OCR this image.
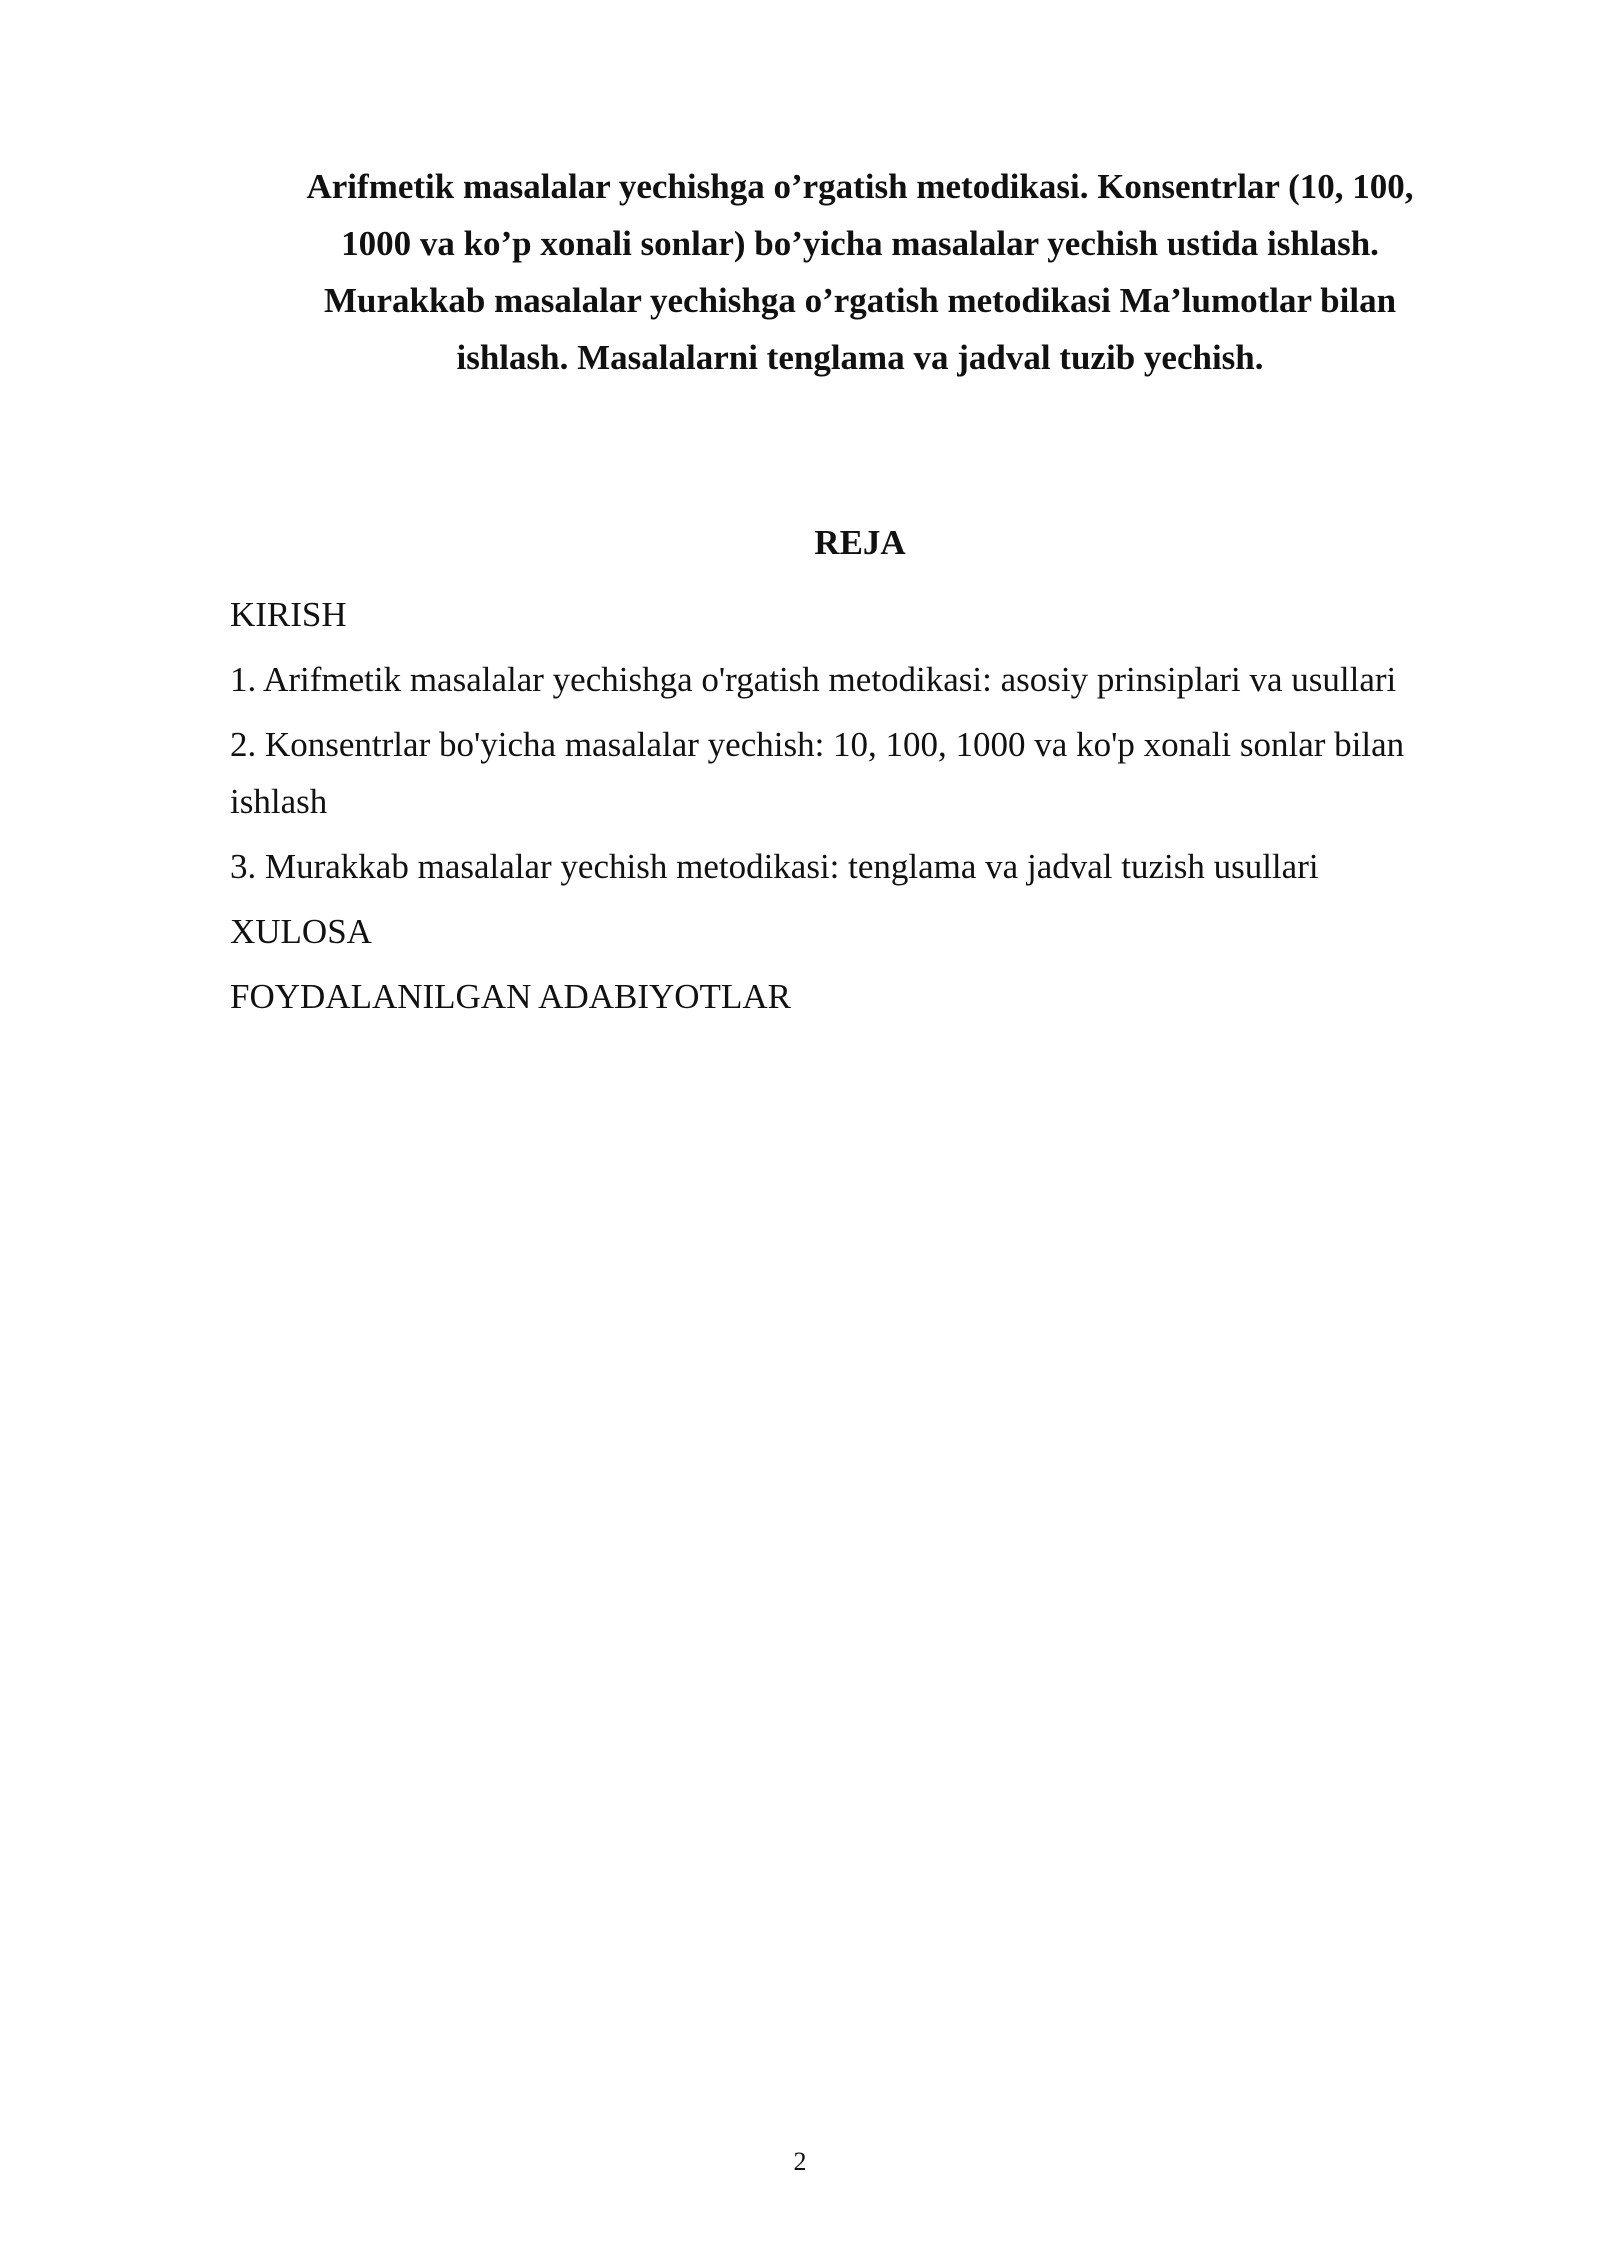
Arifmetik masalalar yechishga o’rgatish metodikasi. Konsentrlar (10, 100,
1000 va ko’p xonali sonlar) bo’yicha masalalar yechish ustida ishlash.
Murakkab masalalar yechishga o’rgatish metodikasi Ma’lumotlar bilan
ishlash. Masalalarni tenglama va jadval tuzib yechish.
REJA
KIRISH
1. Arifmetik masalalar yechishga o'rgatish metodikasi: asosiy prinsiplari va usullari
2. Konsentrlar bo'yicha masalalar yechish: 10, 100, 1000 va ko'p xonali sonlar bilan ishlash
3. Murakkab masalalar yechish metodikasi: tenglama va jadval tuzish usullari
XULOSA
FOYDALANILGAN ADABIYOTLAR
2
